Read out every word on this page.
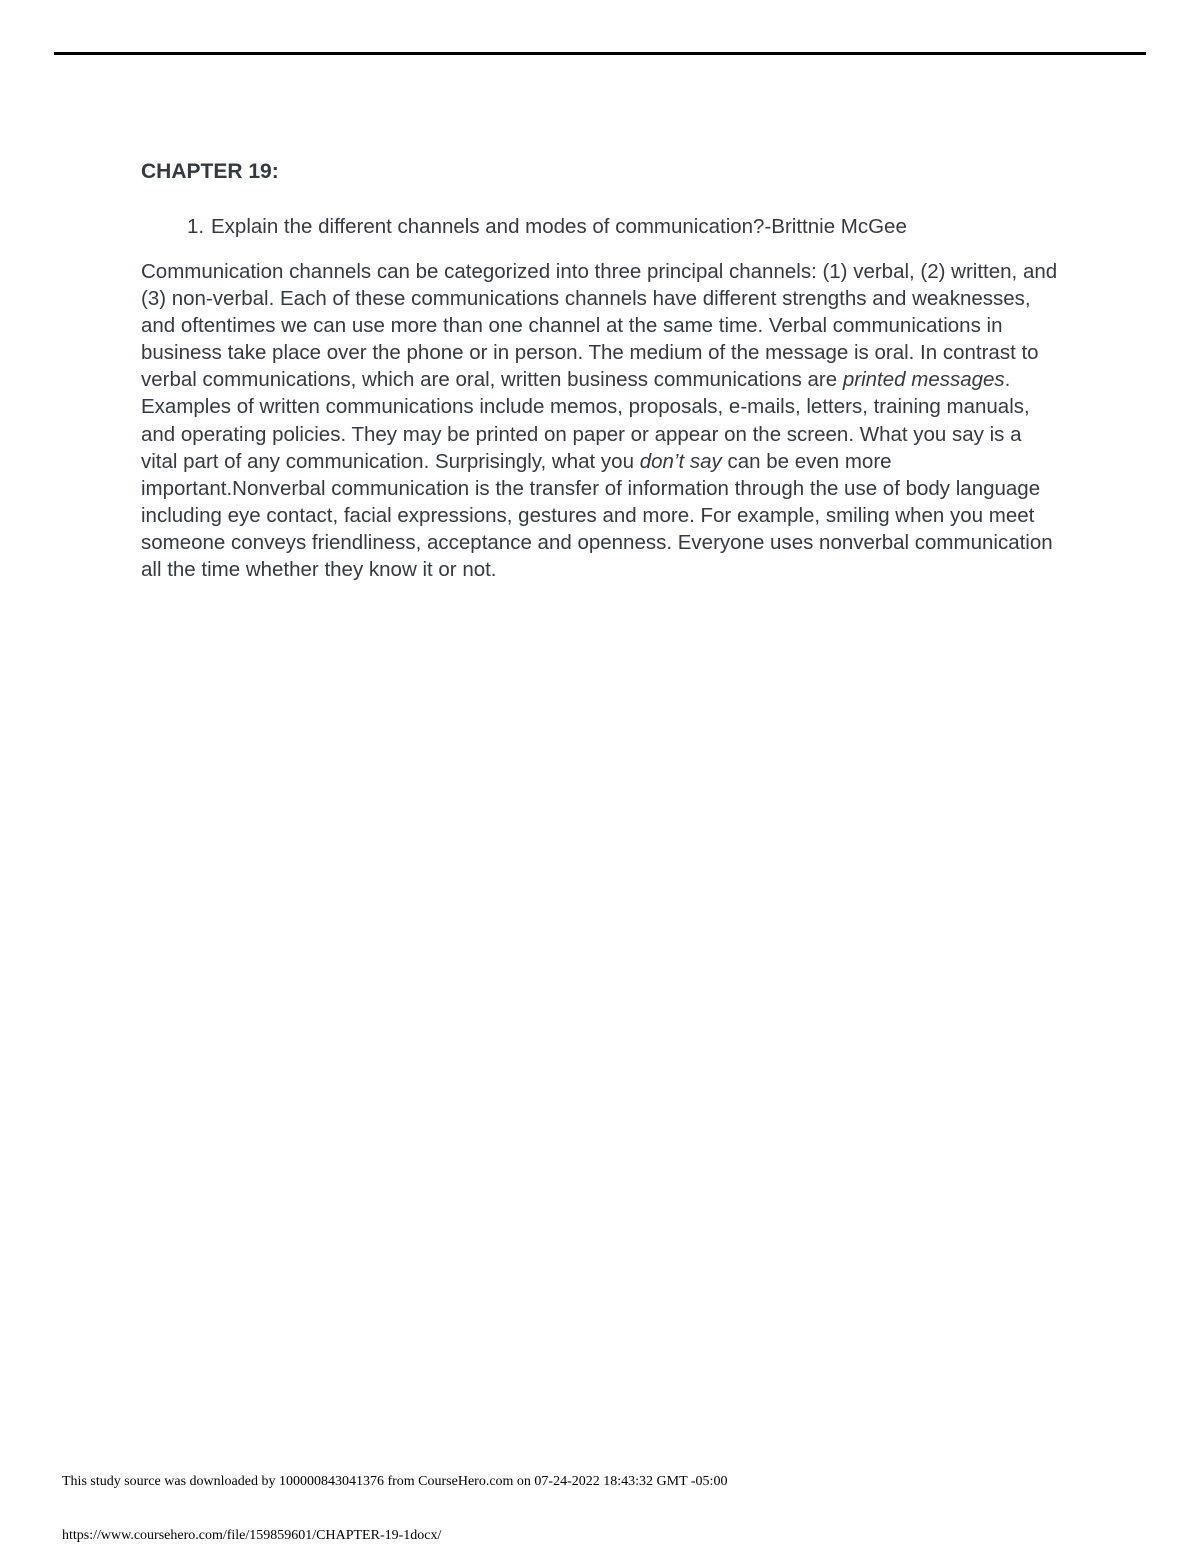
CHAPTER 19:
1. Explain the different channels and modes of communication?-Brittnie McGee

Communication channels can be categorized into three principal channels: (1) verbal, (2) written, and (3) non-verbal. Each of these communications channels have different strengths and weaknesses, and oftentimes we can use more than one channel at the same time. Verbal communications in business take place over the phone or in person. The medium of the message is oral. In contrast to verbal communications, which are oral, written business communications are printed messages. Examples of written communications include memos, proposals, e-mails, letters, training manuals, and operating policies. They may be printed on paper or appear on the screen. What you say is a vital part of any communication. Surprisingly, what you don’t say can be even more important.Nonverbal communication is the transfer of information through the use of body language including eye contact, facial expressions, gestures and more. For example, smiling when you meet someone conveys friendliness, acceptance and openness. Everyone uses nonverbal communication all the time whether they know it or not.

This study source was downloaded by 100000843041376 from CourseHero.com on 07-24-2022 18:43:32 GMT -05:00
https://www.coursehero.com/file/159859601/CHAPTER-19-1docx/
